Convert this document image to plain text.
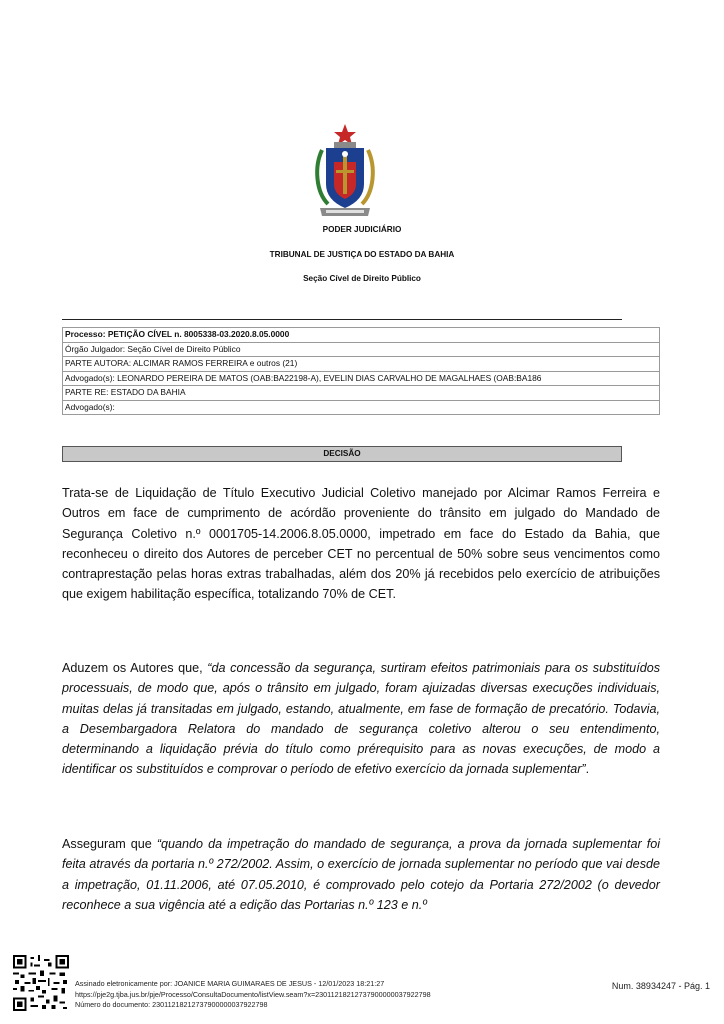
PODER JUDICIÁRIO
TRIBUNAL DE JUSTIÇA DO ESTADO DA BAHIA
Seção Cível de Direito Público
Processo: PETIÇÃO CÍVEL n. 8005338-03.2020.8.05.0000
Órgão Julgador: Seção Cível de Direito Público
PARTE AUTORA: ALCIMAR RAMOS FERREIRA e outros (21)
Advogado(s): LEONARDO PEREIRA DE MATOS (OAB:BA22198-A), EVELIN DIAS CARVALHO DE MAGALHAES (OAB:BA186
PARTE RE: ESTADO DA BAHIA
Advogado(s):
DECISÃO
Trata-se de Liquidação de Título Executivo Judicial Coletivo manejado por Alcimar Ramos Ferreira e Outros em face de cumprimento de acórdão proveniente do trânsito em julgado do Mandado de Segurança Coletivo n.º 0001705-14.2006.8.05.0000, impetrado em face do Estado da Bahia, que reconheceu o direito dos Autores de perceber CET no percentual de 50% sobre seus vencimentos como contraprestação pelas horas extras trabalhadas, além dos 20% já recebidos pelo exercício de atribuições que exigem habilitação específica, totalizando 70% de CET.
Aduzem os Autores que, “da concessão da segurança, surtiram efeitos patrimoniais para os substituídos processuais, de modo que, após o trânsito em julgado, foram ajuizadas diversas execuções individuais, muitas delas já transitadas em julgado, estando, atualmente, em fase de formação de precatório. Todavia, a Desembargadora Relatora do mandado de segurança coletivo alterou o seu entendimento, determinando a liquidação prévia do título como prérequisito para as novas execuções, de modo a identificar os substituídos e comprovar o período de efetivo exercício da jornada suplementar”.
Asseguram que “quando da impetração do mandado de segurança, a prova da jornada suplementar foi feita através da portaria n.º 272/2002. Assim, o exercício de jornada suplementar no período que vai desde a impetração, 01.11.2006, até 07.05.2010, é comprovado pelo cotejo da Portaria 272/2002 (o devedor reconhece a sua vigência até a edição das Portarias n.º 123 e n.º
Assinado eletronicamente por: JOANICE MARIA GUIMARAES DE JESUS - 12/01/2023 18:21:27
https://pje2g.tjba.jus.br/pje/Processo/ConsultaDocumento/listView.seam?x=23011218212737900000037922798
Número do documento: 23011218212737900000037922798
Num. 38934247 - Pág. 1
